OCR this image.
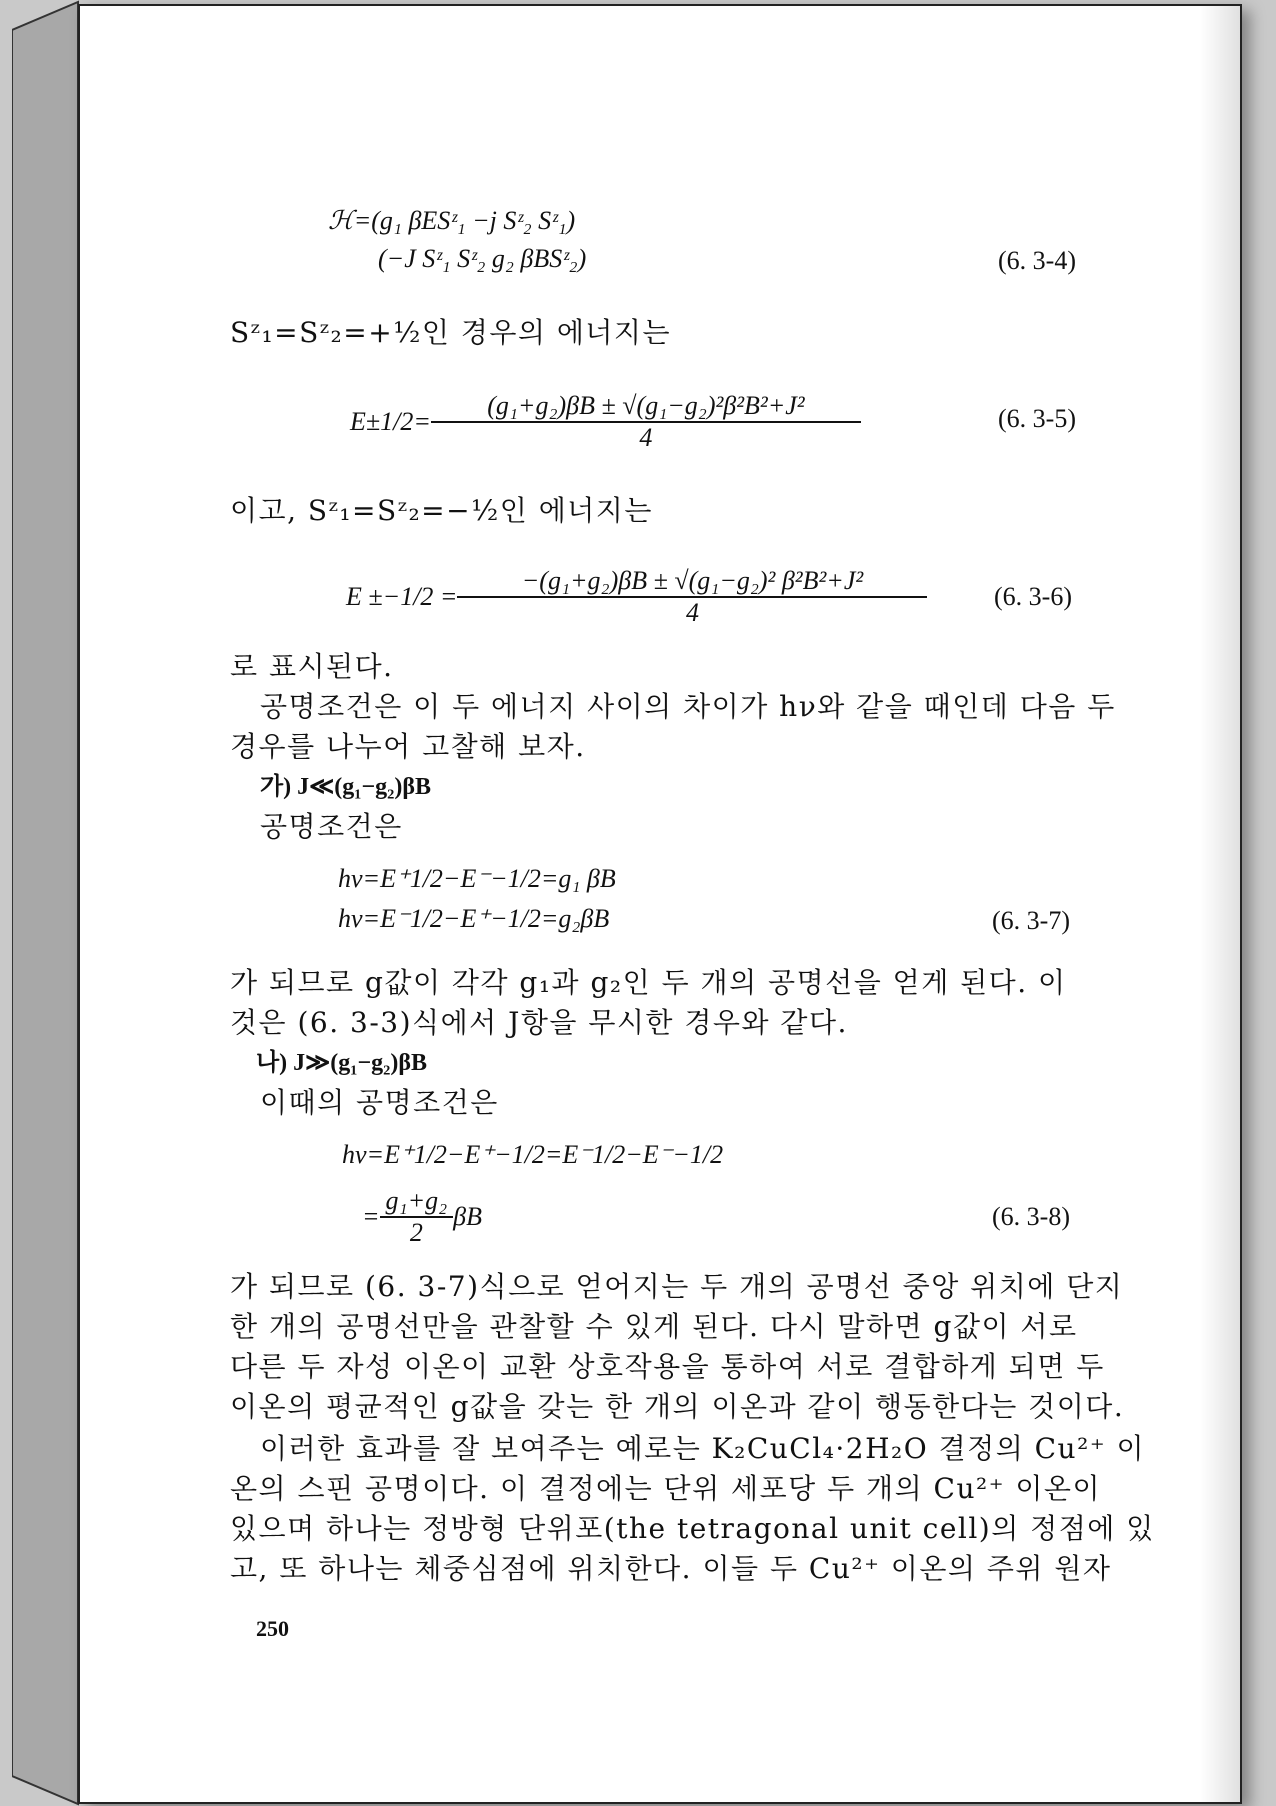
ℋ=(g₁ βESᶻ₁ −j Sᶻ₂ Sᶻ₁)
(−J Sᶻ₁ Sᶻ₂ g₂ βBSᶻ₂)	(6. 3-4)
Sᶻ₁=Sᶻ₂=+½인 경우의 에너지는
$E\pm 1/2= \frac{\text{(g₁+g₂)βB ± √(g₁−g₂)²β²B²+J²}}{4}$	(6. 3-5)
이고, Sᶻ₁=Sᶻ₂=−½인 에너지는
$E \pm-1/2 = \frac{\text{−(g₁+g₂)βB ± √(g₁−g₂)² β²B²+J²}}{4}$	(6. 3-6)
로 표시된다.
공명조건은 이 두 에너지 사이의 차이가 hν와 같을 때인데 다음 두
경우를 나누어 고찰해 보자.
가) J≪(g₁−g₂)βB
공명조건은
hν=E⁺1/2−E⁻−1/2=g₁ βB
hν=E⁻1/2−E⁺−1/2=g₂βB	(6. 3-7)
가 되므로 g값이 각각 g₁과 g₂인 두 개의 공명선을 얻게 된다. 이
것은 (6. 3-3)식에서 J항을 무시한 경우와 같다.
나) J≫(g₁−g₂)βB
이때의 공명조건은
hν=E⁺1/2−E⁺−1/2=E⁻1/2−E⁻−1/2
= $\frac{\text{g₁+g₂}}{2}$ βB	(6. 3-8)
가 되므로 (6. 3-7)식으로 얻어지는 두 개의 공명선 중앙 위치에 단지
한 개의 공명선만을 관찰할 수 있게 된다. 다시 말하면 g값이 서로
다른 두 자성 이온이 교환 상호작용을 통하여 서로 결합하게 되면 두
이온의 평균적인 g값을 갖는 한 개의 이온과 같이 행동한다는 것이다.
이러한 효과를 잘 보여주는 예로는 K₂CuCl₄·2H₂O 결정의 Cu²⁺ 이
온의 스핀 공명이다. 이 결정에는 단위 세포당 두 개의 Cu²⁺ 이온이
있으며 하나는 정방형 단위포(the tetragonal unit cell)의 정점에 있
고, 또 하나는 체중심점에 위치한다. 이들 두 Cu²⁺ 이온의 주위 원자
250
